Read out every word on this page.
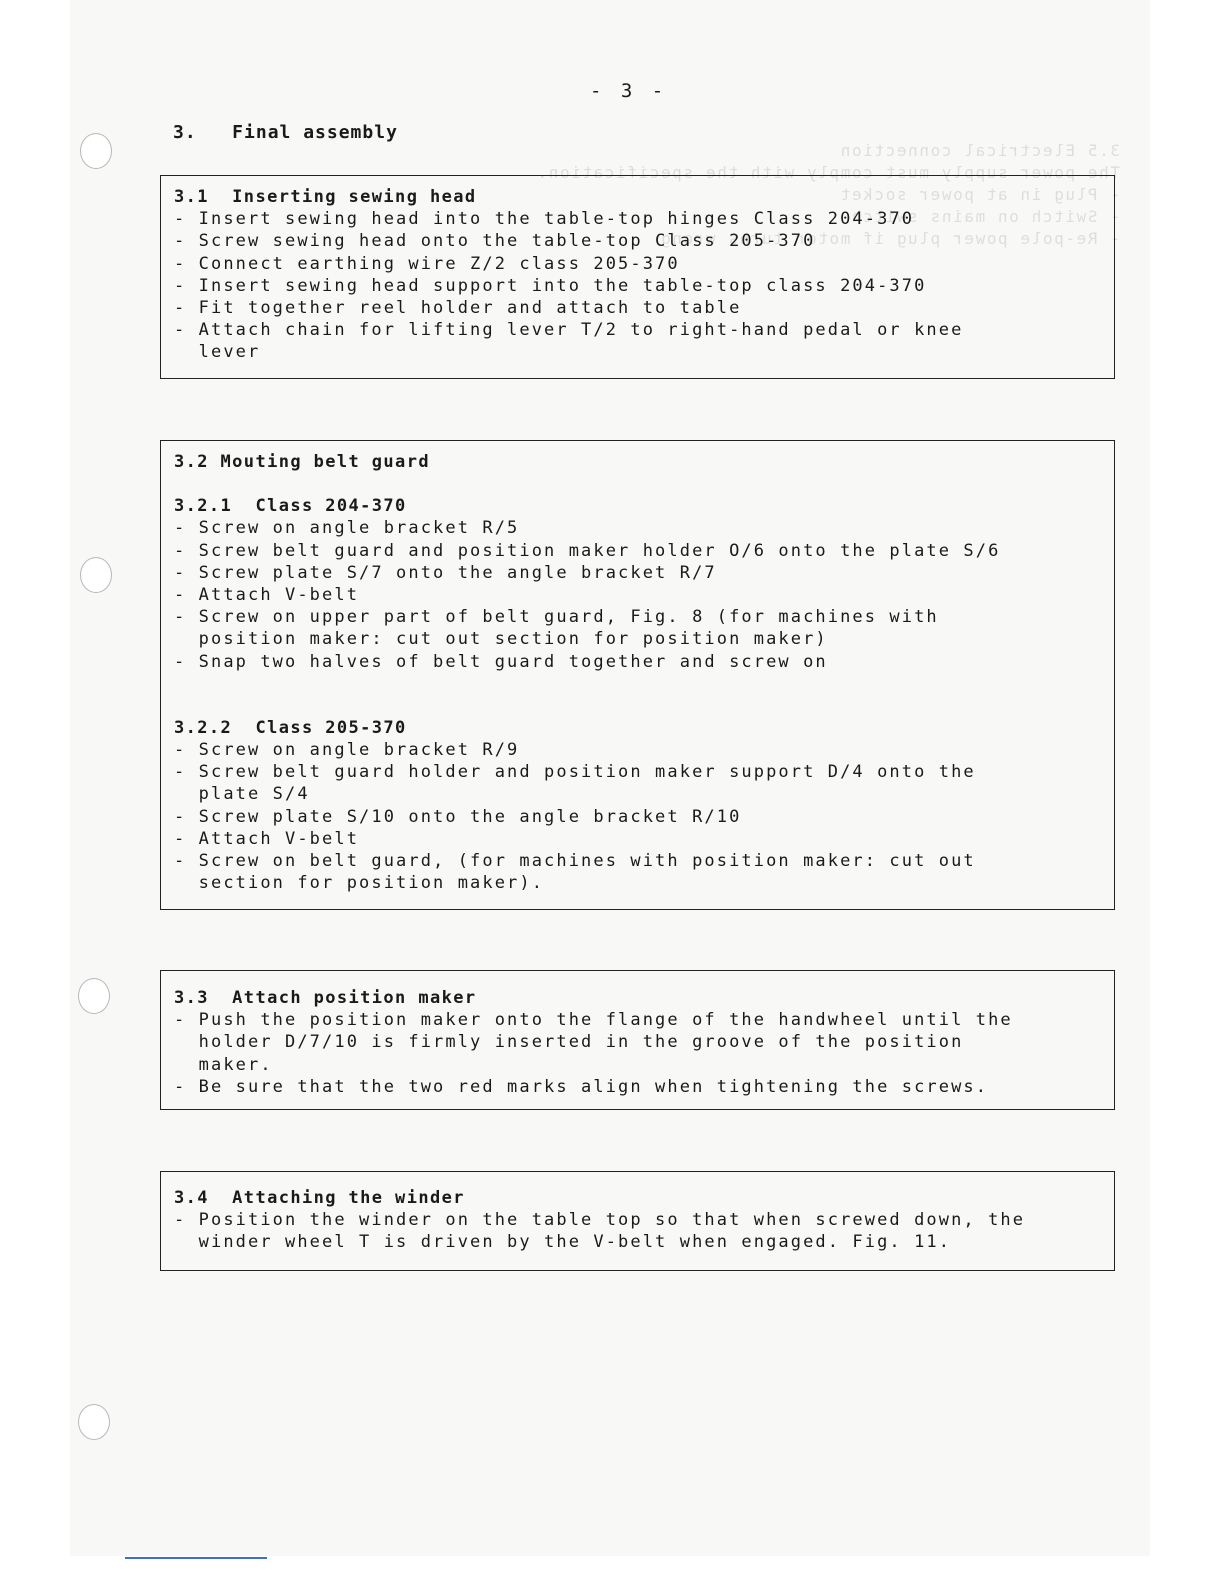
3.5 Electrical connection
The power supply must comply with the specification.
- Plug in at power socket
- Switch on mains switch
- Re-pole power plug if motor turns wrong
- 3 -
3.   Final assembly
3.1  Inserting sewing head
- Insert sewing head into the table-top hinges Class 204-370
- Screw sewing head onto the table-top Class 205-370
- Connect earthing wire Z/2 class 205-370
- Insert sewing head support into the table-top class 204-370
- Fit together reel holder and attach to table
- Attach chain for lifting lever T/2 to right-hand pedal or knee
lever
3.2 Mouting belt guard
3.2.1  Class 204-370
- Screw on angle bracket R/5
- Screw belt guard and position maker holder O/6 onto the plate S/6
- Screw plate S/7 onto the angle bracket R/7
- Attach V-belt
- Screw on upper part of belt guard, Fig. 8 (for machines with
position maker: cut out section for position maker)
- Snap two halves of belt guard together and screw on
3.2.2  Class 205-370
- Screw on angle bracket R/9
- Screw belt guard holder and position maker support D/4 onto the
plate S/4
- Screw plate S/10 onto the angle bracket R/10
- Attach V-belt
- Screw on belt guard, (for machines with position maker: cut out
section for position maker).
3.3  Attach position maker
- Push the position maker onto the flange of the handwheel until the
holder D/7/10 is firmly inserted in the groove of the position
maker.
- Be sure that the two red marks align when tightening the screws.
3.4  Attaching the winder
- Position the winder on the table top so that when screwed down, the
winder wheel T is driven by the V-belt when engaged. Fig. 11.
